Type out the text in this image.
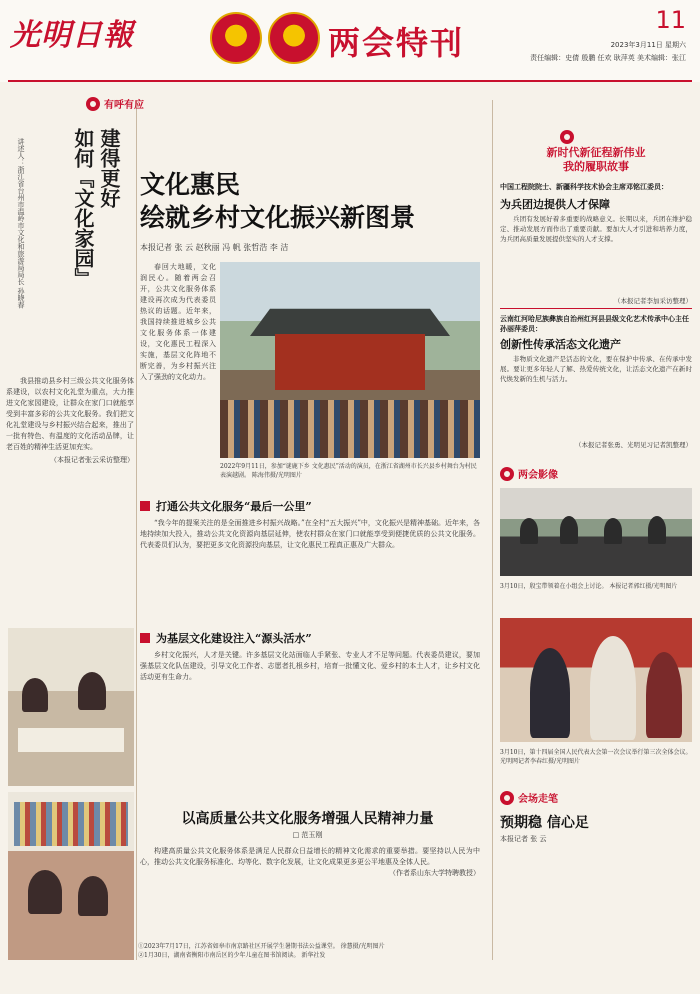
光明日報	两会特刊
11
2023年3月11日 星期六
责任编辑：史倩 殷鹏 任欢 耿萍英 美术编辑：张江
有呼有应
建得更好
如何『文化家园』
讲述人：浙江省台州市温岭市文化和旅游局局长 孙晓春
我县推动县乡村三级公共文化服务体系建设，以农村文化礼堂为重点，大力推进文化家园建设，让群众在家门口就能享受到丰富多彩的公共文化服务。我们把文化礼堂建设与乡村振兴结合起来，推出了一批有特色、有温度的文化活动品牌，让老百姓的精神生活更加充实。
（本报记者张云采访整理）
文化惠民
绘就乡村文化振兴新图景
本报记者 张 云 赵秋丽 冯 帆 张哲浩 李 洁
春回大地暖，文化润民心。随着两会召开，公共文化服务体系建设再次成为代表委员热议的话题。近年来，我国持续推进城乡公共文化服务体系一体建设，文化惠民工程深入实施，基层文化阵地不断完善，为乡村振兴注入了强劲的文化动力。
2022年9月11日，参加“谜鹿下乡 文化惠民”活动的演员，在浙江省湖州市长兴县乡村舞台为村民表演越剧。 陈海伟摄/光明图片
打通公共文化服务“最后一公里”
“我今年的提案关注的是全面推进乡村振兴战略。”在全村“五大振兴”中，文化振兴是精神基础。近年来，各地持续加大投入，推动公共文化资源向基层延伸，使农村群众在家门口就能享受到便捷优质的公共文化服务。代表委员们认为，要把更多文化资源投向基层，让文化惠民工程真正惠及广大群众。
为基层文化建设注入“源头活水”
乡村文化振兴，人才是关键。许多基层文化站面临人手紧张、专业人才不足等问题。代表委员建议，要加强基层文化队伍建设，引导文化工作者、志愿者扎根乡村，培育一批懂文化、爱乡村的本土人才，让乡村文化活动更有生命力。
以高质量公共文化服务增强人民精神力量
□ 范玉刚
构建高质量公共文化服务体系是满足人民群众日益增长的精神文化需求的重要举措。要坚持以人民为中心，推动公共文化服务标准化、均等化、数字化发展，让文化成果更多更公平地惠及全体人民。
（作者系山东大学特聘教授）
①2023年7月17日，江苏省如皋市南京路社区开展学生暑期书法公益课堂。 徐慧摄/光明图片
②1月30日，湖南省衡阳市南岳区的少年儿童在图书馆阅读。 新华社发
新时代新征程新伟业
我的履职故事
中国工程院院士、新疆科学技术协会主席邓铭江委员：
为兵团边提供人才保障
兵团有发展好着多重要的战略意义。长期以来，兵团在维护稳定、推动发展方面作出了重要贡献。要加大人才引进和培养力度，为兵团高质量发展提供坚实的人才支撑。
（本报记者李加采访整理）
云南红河哈尼族彝族自治州红河县县级文化艺术传承中心主任孙丽萍委员：
创新性传承活态文化遗产
非物质文化遗产是活态的文化，要在保护中传承、在传承中发展。要让更多年轻人了解、热爱传统文化，让活态文化遗产在新时代焕发新的生机与活力。
（本报记者张勇、光明见习记者凯整理）
两会影像
3月10日，殷宝带领着在小组会上讨论。 本报记者郭红摄/光明图片
3月10日，第十四届全国人民代表大会第一次会议举行第三次全体会议。 光明网记者李春红摄/光明图片
会场走笔
预期稳 信心足
本报记者 张 云
